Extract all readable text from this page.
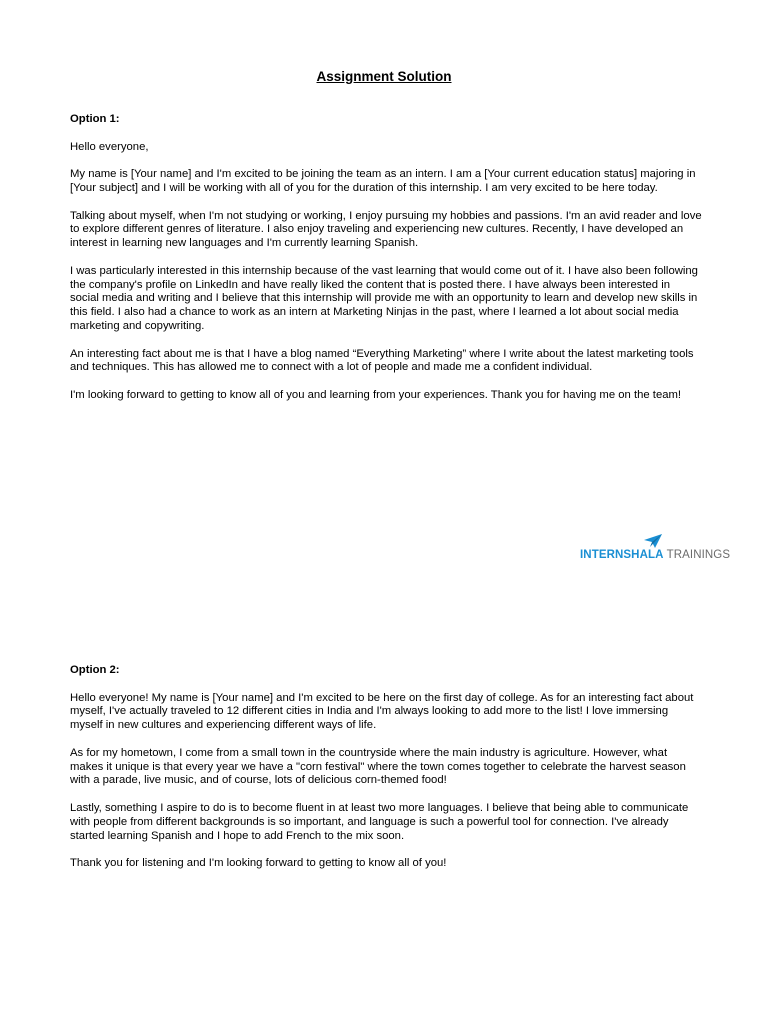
Assignment Solution

Option 1:

Hello everyone,

My name is [Your name] and I'm excited to be joining the team as an intern. I am a [Your current education status] majoring in [Your subject] and I will be working with all of you for the duration of this internship. I am very excited to be here today.

Talking about myself, when I'm not studying or working, I enjoy pursuing my hobbies and passions. I'm an avid reader and love to explore different genres of literature. I also enjoy traveling and experiencing new cultures. Recently, I have developed an interest in learning new languages and I'm currently learning Spanish.

I was particularly interested in this internship because of the vast learning that would come out of it. I have also been following the company's profile on LinkedIn and have really liked the content that is posted there. I have always been interested in social media and writing and I believe that this internship will provide me with an opportunity to learn and develop new skills in this field. I also had a chance to work as an intern at Marketing Ninjas in the past, where I learned a lot about social media marketing and copywriting.

An interesting fact about me is that I have a blog named “Everything Marketing” where I write about the latest marketing tools and techniques. This has allowed me to connect with a lot of people and made me a confident individual.

I'm looking forward to getting to know all of you and learning from your experiences. Thank you for having me on the team!

INTERNSHALA TRAININGS

Option 2:

Hello everyone! My name is [Your name] and I'm excited to be here on the first day of college. As for an interesting fact about myself, I've actually traveled to 12 different cities in India and I'm always looking to add more to the list! I love immersing myself in new cultures and experiencing different ways of life.

As for my hometown, I come from a small town in the countryside where the main industry is agriculture. However, what makes it unique is that every year we have a "corn festival" where the town comes together to celebrate the harvest season with a parade, live music, and of course, lots of delicious corn-themed food!

Lastly, something I aspire to do is to become fluent in at least two more languages. I believe that being able to communicate with people from different backgrounds is so important, and language is such a powerful tool for connection. I've already started learning Spanish and I hope to add French to the mix soon.

Thank you for listening and I'm looking forward to getting to know all of you!
